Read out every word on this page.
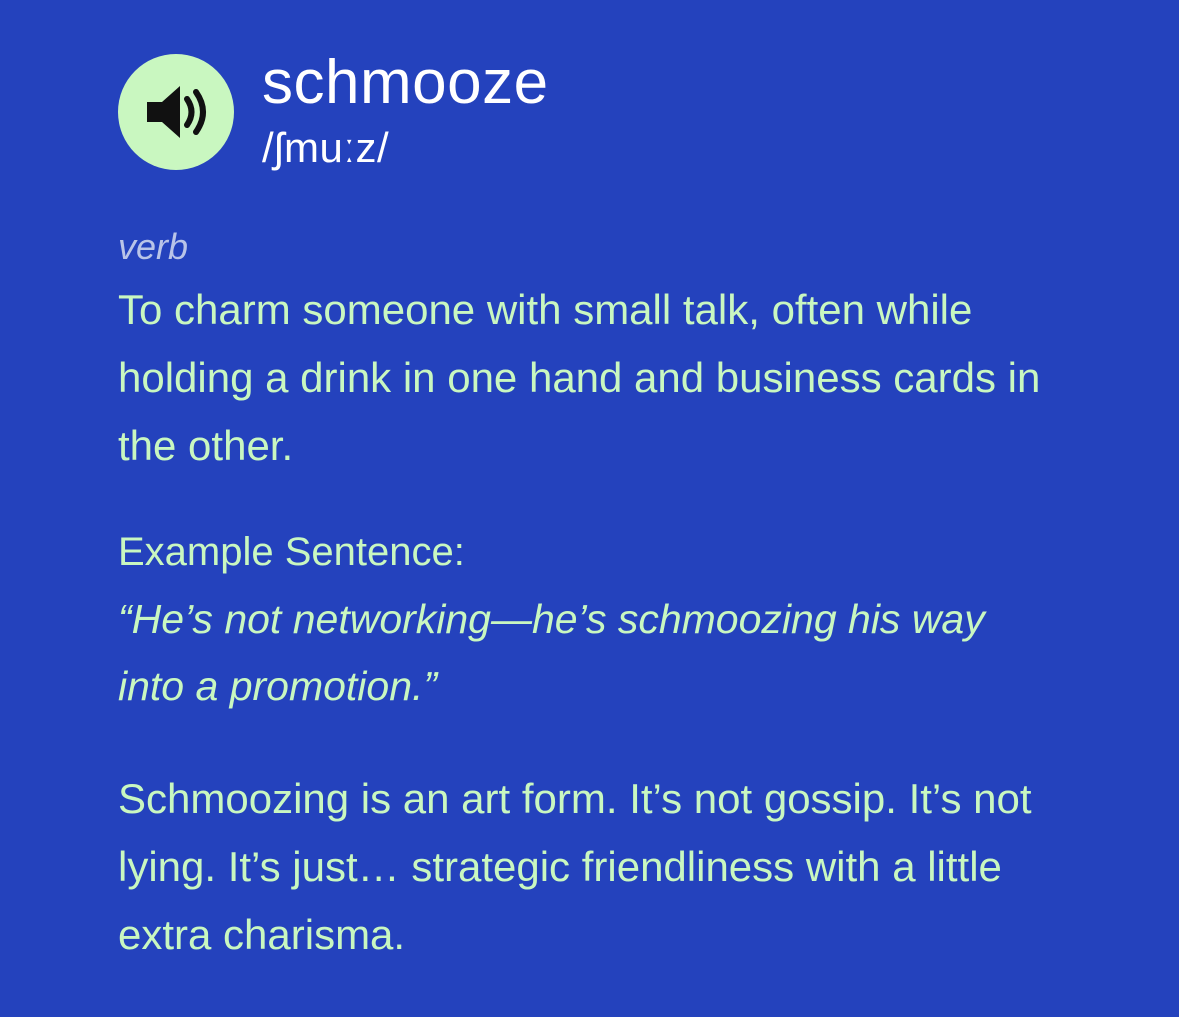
schmooze
/ʃmuːz/
verb
To charm someone with small talk, often while holding a drink in one hand and business cards in the other.
Example Sentence:
“He’s not networking—he’s schmoozing his way into a promotion.”
Schmoozing is an art form. It’s not gossip. It’s not lying. It’s just… strategic friendliness with a little extra charisma.
